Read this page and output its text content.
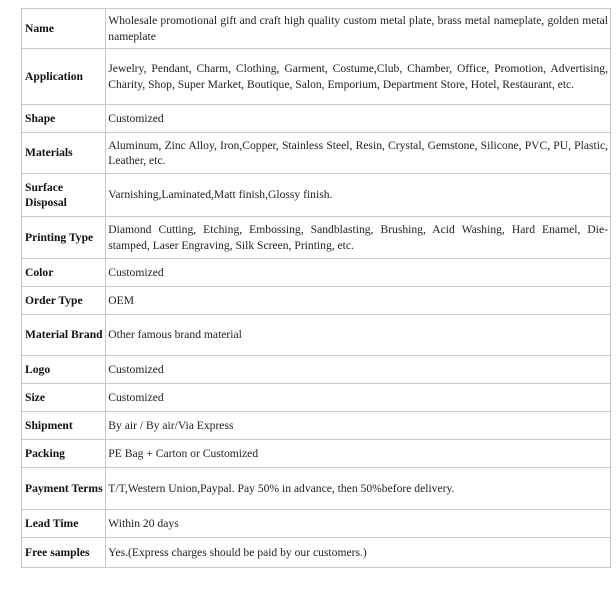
Name	Wholesale promotional gift and craft high quality custom metal plate, brass metal nameplate, golden metal nameplate
Application	Jewelry, Pendant, Charm, Clothing, Garment, Costume,Club, Chamber, Office, Promotion, Advertising, Charity, Shop, Super Market, Boutique, Salon, Emporium, Department Store, Hotel, Restaurant, etc.
Shape	Customized
Materials	Aluminum, Zinc Alloy, Iron,Copper, Stainless Steel, Resin, Crystal, Gemstone, Silicone, PVC, PU, Plastic, Leather, etc.
Surface Disposal	Varnishing,Laminated,Matt finish,Glossy finish.
Printing Type	Diamond Cutting, Etching, Embossing, Sandblasting, Brushing, Acid Washing, Hard Enamel, Die-stamped, Laser Engraving, Silk Screen, Printing, etc.
Color	Customized
Order Type	OEM
Material Brand	Other famous brand material
Logo	Customized
Size	Customized
Shipment	By air / By air/Via Express
Packing	PE Bag + Carton or Customized
Payment Terms	T/T,Western Union,Paypal. Pay 50% in advance, then 50%before delivery.
Lead Time	Within 20 days
Free samples	Yes.(Express charges should be paid by our customers.)
